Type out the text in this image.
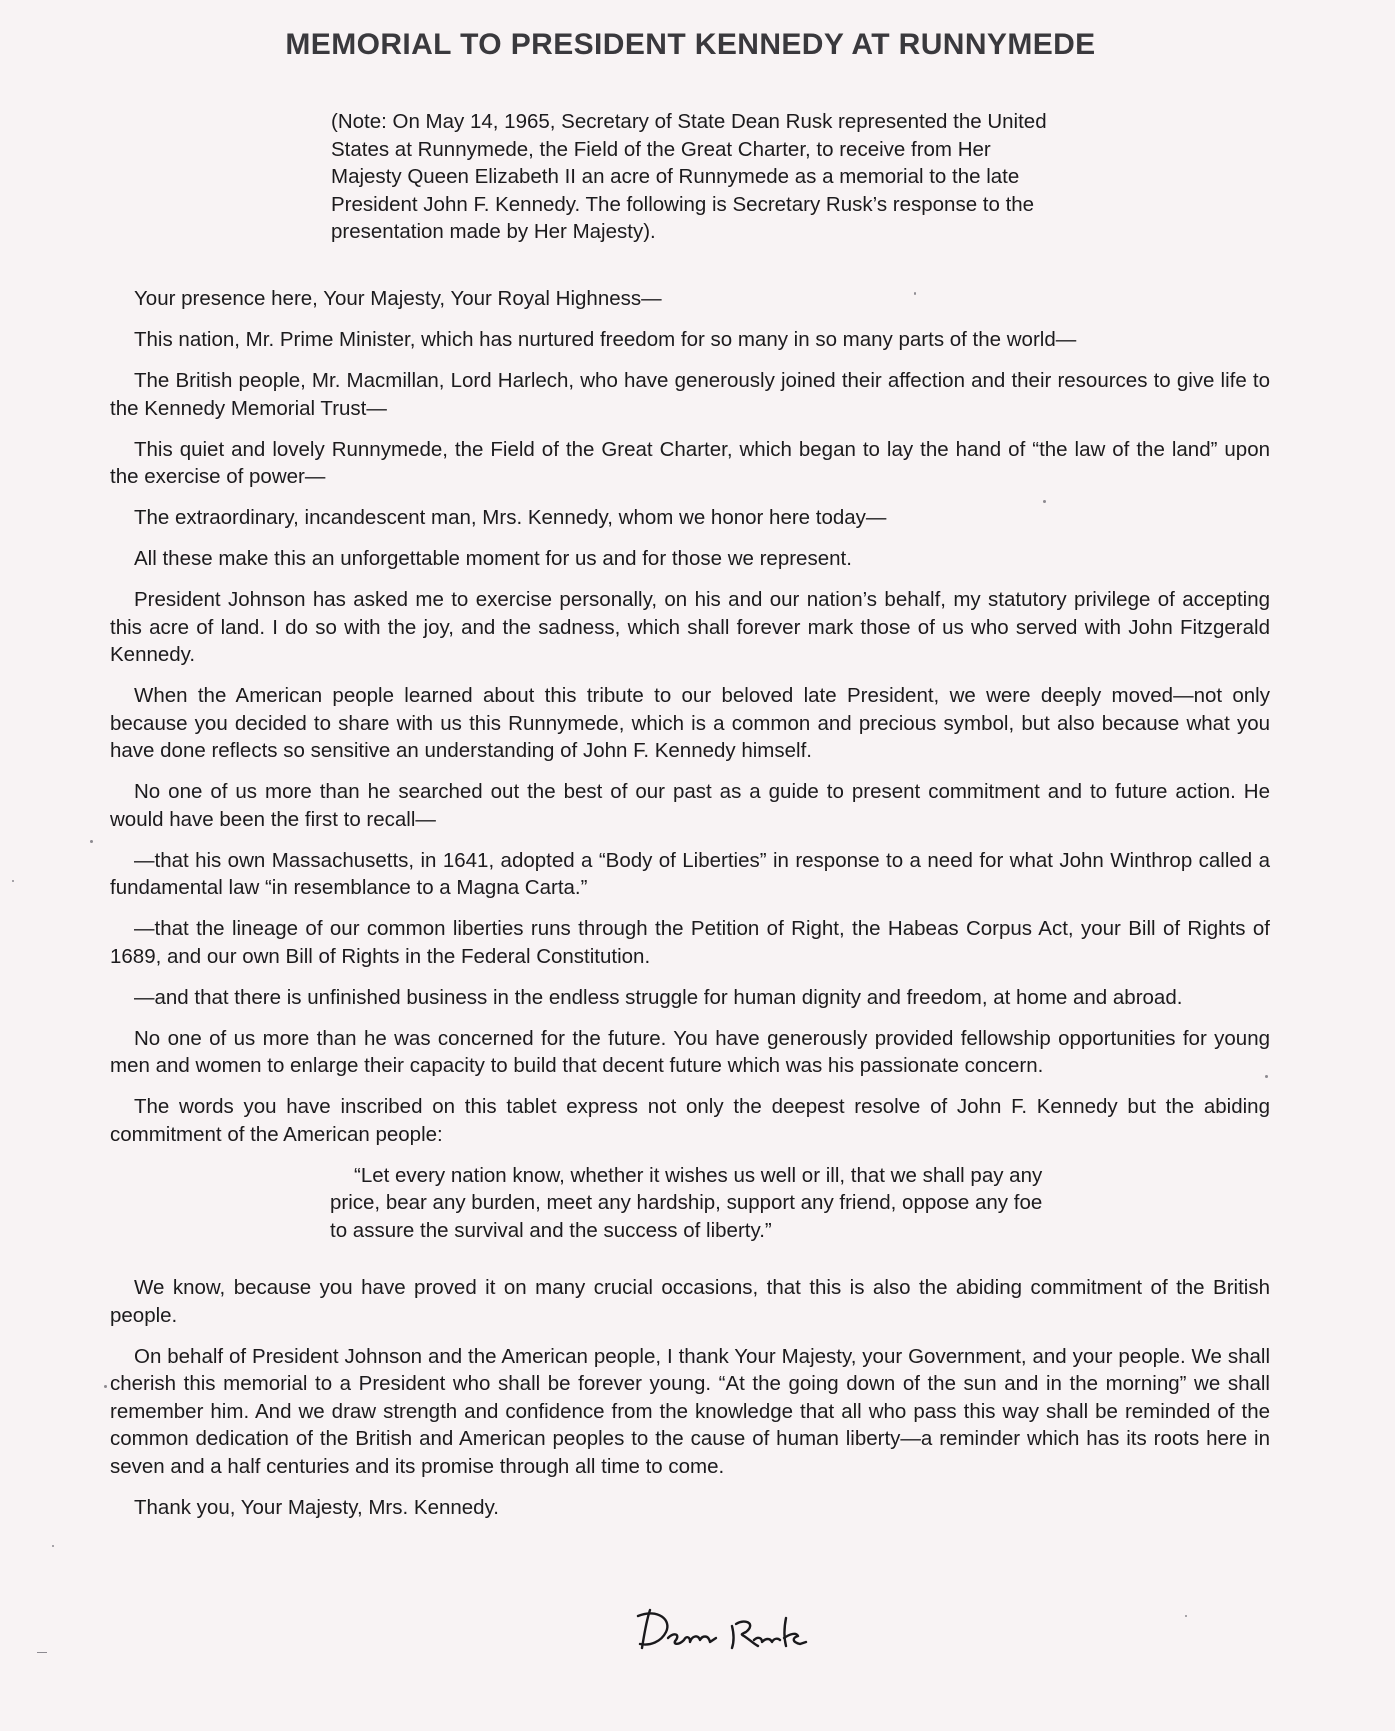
MEMORIAL TO PRESIDENT KENNEDY AT RUNNYMEDE

(Note: On May 14, 1965, Secretary of State Dean Rusk represented the United States at Runnymede, the Field of the Great Charter, to receive from Her Majesty Queen Elizabeth II an acre of Runnymede as a memorial to the late President John F. Kennedy. The following is Secretary Rusk’s response to the presentation made by Her Majesty).

Your presence here, Your Majesty, Your Royal Highness—

This nation, Mr. Prime Minister, which has nurtured freedom for so many in so many parts of the world—

The British people, Mr. Macmillan, Lord Harlech, who have generously joined their affection and their resources to give life to the Kennedy Memorial Trust—

This quiet and lovely Runnymede, the Field of the Great Charter, which began to lay the hand of “the law of the land” upon the exercise of power—

The extraordinary, incandescent man, Mrs. Kennedy, whom we honor here today—

All these make this an unforgettable moment for us and for those we represent.

President Johnson has asked me to exercise personally, on his and our nation’s behalf, my statutory privilege of accepting this acre of land. I do so with the joy, and the sadness, which shall forever mark those of us who served with John Fitzgerald Kennedy.

When the American people learned about this tribute to our beloved late President, we were deeply moved—not only because you decided to share with us this Runnymede, which is a common and precious symbol, but also because what you have done reflects so sensitive an understanding of John F. Kennedy himself.

No one of us more than he searched out the best of our past as a guide to present commitment and to future action. He would have been the first to recall—

—that his own Massachusetts, in 1641, adopted a “Body of Liberties” in response to a need for what John Winthrop called a fundamental law “in resemblance to a Magna Carta.”

—that the lineage of our common liberties runs through the Petition of Right, the Habeas Corpus Act, your Bill of Rights of 1689, and our own Bill of Rights in the Federal Constitution.

—and that there is unfinished business in the endless struggle for human dignity and freedom, at home and abroad.

No one of us more than he was concerned for the future. You have generously provided fellowship opportunities for young men and women to enlarge their capacity to build that decent future which was his passionate concern.

The words you have inscribed on this tablet express not only the deepest resolve of John F. Kennedy but the abiding commitment of the American people:

“Let every nation know, whether it wishes us well or ill, that we shall pay any price, bear any burden, meet any hardship, support any friend, oppose any foe to assure the survival and the success of liberty.”

We know, because you have proved it on many crucial occasions, that this is also the abiding commitment of the British people.

On behalf of President Johnson and the American people, I thank Your Majesty, your Government, and your people. We shall cherish this memorial to a President who shall be forever young. “At the going down of the sun and in the morning” we shall remember him. And we draw strength and confidence from the knowledge that all who pass this way shall be reminded of the common dedication of the British and American peoples to the cause of human liberty—a reminder which has its roots here in seven and a half centuries and its promise through all time to come.

Thank you, Your Majesty, Mrs. Kennedy.
